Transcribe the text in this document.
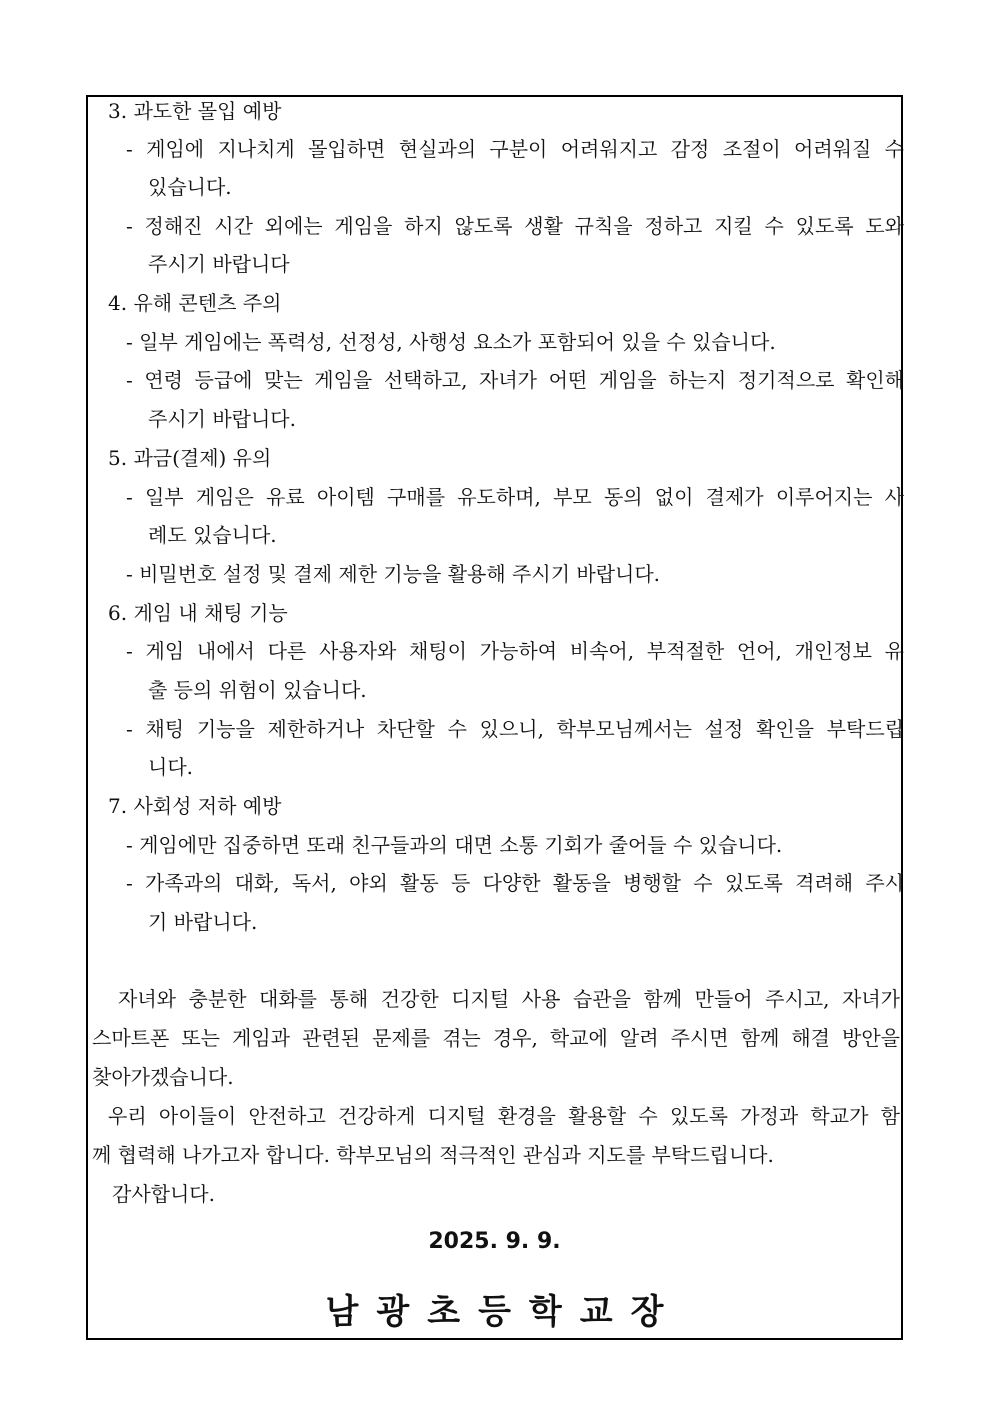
3. 과도한 몰입 예방
- 게임에 지나치게 몰입하면 현실과의 구분이 어려워지고 감정 조절이 어려워질 수
있습니다.
- 정해진 시간 외에는 게임을 하지 않도록 생활 규칙을 정하고 지킬 수 있도록 도와
주시기 바랍니다
4. 유해 콘텐츠 주의
- 일부 게임에는 폭력성, 선정성, 사행성 요소가 포함되어 있을 수 있습니다.
- 연령 등급에 맞는 게임을 선택하고, 자녀가 어떤 게임을 하는지 정기적으로 확인해
주시기 바랍니다.
5. 과금(결제) 유의
- 일부 게임은 유료 아이템 구매를 유도하며, 부모 동의 없이 결제가 이루어지는 사
례도 있습니다.
- 비밀번호 설정 및 결제 제한 기능을 활용해 주시기 바랍니다.
6. 게임 내 채팅 기능
- 게임 내에서 다른 사용자와 채팅이 가능하여 비속어, 부적절한 언어, 개인정보 유
출 등의 위험이 있습니다.
- 채팅 기능을 제한하거나 차단할 수 있으니, 학부모님께서는 설정 확인을 부탁드립
니다.
7. 사회성 저하 예방
- 게임에만 집중하면 또래 친구들과의 대면 소통 기회가 줄어들 수 있습니다.
- 가족과의 대화, 독서, 야외 활동 등 다양한 활동을 병행할 수 있도록 격려해 주시
기 바랍니다.
자녀와 충분한 대화를 통해 건강한 디지털 사용 습관을 함께 만들어 주시고, 자녀가
스마트폰 또는 게임과 관련된 문제를 겪는 경우, 학교에 알려 주시면 함께 해결 방안을
찾아가겠습니다.
우리 아이들이 안전하고 건강하게 디지털 환경을 활용할 수 있도록 가정과 학교가 함
께 협력해 나가고자 합니다. 학부모님의 적극적인 관심과 지도를 부탁드립니다.
감사합니다.
2025. 9. 9.
남광초등학교장
